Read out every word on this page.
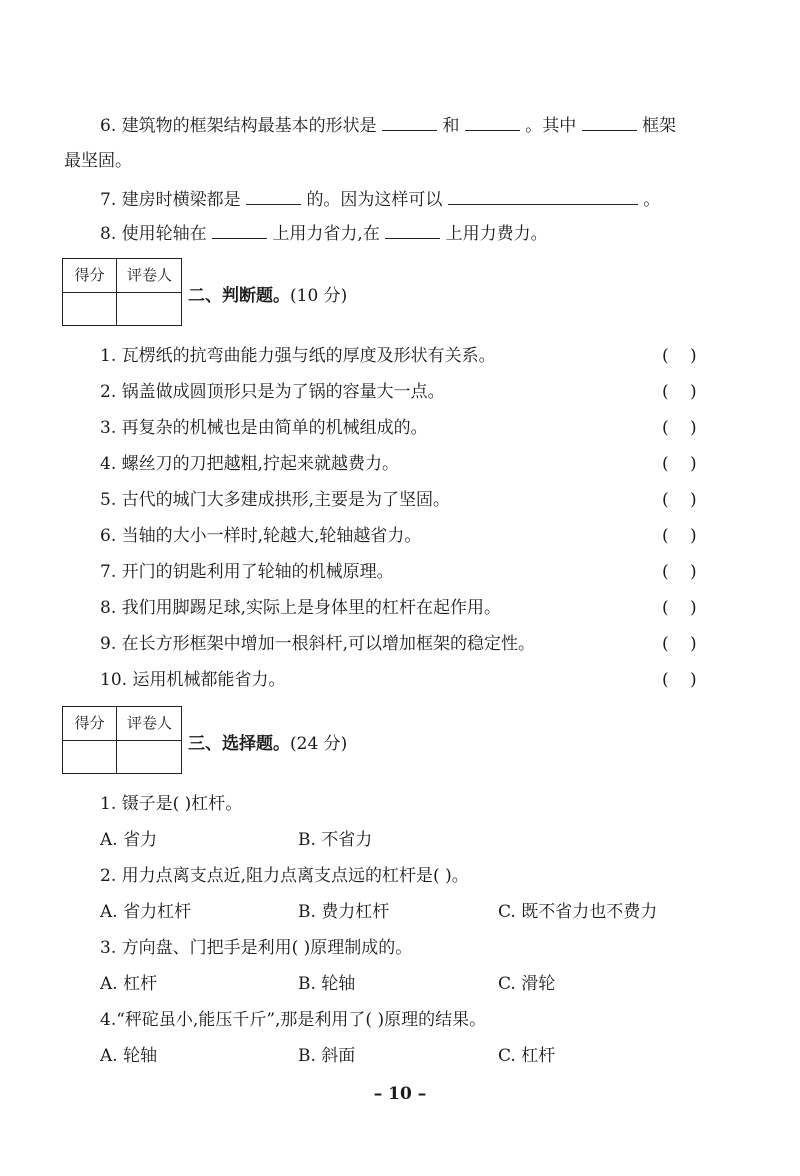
6. 建筑物的框架结构最基本的形状是	和	。其中	框架
最坚固。
7. 建房时横梁都是	的。因为这样可以	。
8. 使用轮轴在	上用力省力,在	上用力费力。
得分	评卷人
二、判断题。(10 分)
1. 瓦楞纸的抗弯曲能力强与纸的厚度及形状有关系。	( )
2. 锅盖做成圆顶形只是为了锅的容量大一点。	( )
3. 再复杂的机械也是由简单的机械组成的。	( )
4. 螺丝刀的刀把越粗,拧起来就越费力。	( )
5. 古代的城门大多建成拱形,主要是为了坚固。	( )
6. 当轴的大小一样时,轮越大,轮轴越省力。	( )
7. 开门的钥匙利用了轮轴的机械原理。	( )
8. 我们用脚踢足球,实际上是身体里的杠杆在起作用。	( )
9. 在长方形框架中增加一根斜杆,可以增加框架的稳定性。	( )
10. 运用机械都能省力。	( )
得分	评卷人
三、选择题。(24 分)
1. 镊子是( )杠杆。
A. 省力	B. 不省力
2. 用力点离支点近,阻力点离支点远的杠杆是( )。
A. 省力杠杆	B. 费力杠杆	C. 既不省力也不费力
3. 方向盘、门把手是利用( )原理制成的。
A. 杠杆	B. 轮轴	C. 滑轮
4.“秤砣虽小,能压千斤”,那是利用了( )原理的结果。
A. 轮轴	B. 斜面	C. 杠杆
– 10 –
